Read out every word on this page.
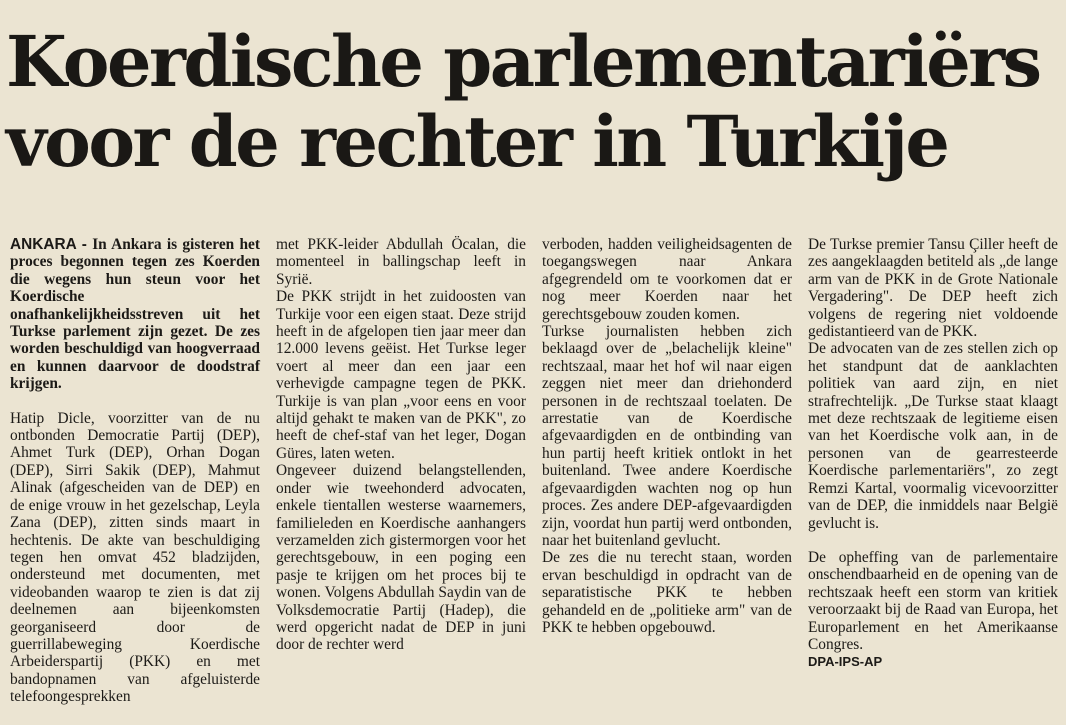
Koerdische parlementariërs
voor de rechter in Turkije

ANKARA - In Ankara is gisteren het proces begonnen tegen zes Koerden die wegens hun steun voor het Koerdische onafhankelijkheidsstreven uit het Turkse parlement zijn gezet. De zes worden beschuldigd van hoogverraad en kunnen daarvoor de doodstraf krijgen.

Hatip Dicle, voorzitter van de nu ontbonden Democratie Partij (DEP), Ahmet Turk (DEP), Orhan Dogan (DEP), Sirri Sakik (DEP), Mahmut Alinak (afgescheiden van de DEP) en de enige vrouw in het gezelschap, Leyla Zana (DEP), zitten sinds maart in hechtenis. De akte van beschuldiging tegen hen omvat 452 bladzijden, ondersteund met documenten, met videobanden waarop te zien is dat zij deelnemen aan bijeenkomsten georganiseerd door de guerrillabeweging Koerdische Arbeiderspartij (PKK) en met bandopnamen van afgeluisterde telefoongesprekken

met PKK-leider Abdullah Öcalan, die momenteel in ballingschap leeft in Syrië.

De PKK strijdt in het zuidoosten van Turkije voor een eigen staat. Deze strijd heeft in de afgelopen tien jaar meer dan 12.000 levens geëist. Het Turkse leger voert al meer dan een jaar een verhevigde campagne tegen de PKK. Turkije is van plan „voor eens en voor altijd gehakt te maken van de PKK", zo heeft de chef-staf van het leger, Dogan Güres, laten weten.

Ongeveer duizend belangstellenden, onder wie tweehonderd advocaten, enkele tientallen westerse waarnemers, familieleden en Koerdische aanhangers verzamelden zich gistermorgen voor het gerechtsgebouw, in een poging een pasje te krijgen om het proces bij te wonen. Volgens Abdullah Saydin van de Volksdemocratie Partij (Hadep), die werd opgericht nadat de DEP in juni door de rechter werd

verboden, hadden veiligheidsagenten de toegangswegen naar Ankara afgegrendeld om te voorkomen dat er nog meer Koerden naar het gerechtsgebouw zouden komen.

Turkse journalisten hebben zich beklaagd over de „belachelijk kleine" rechtszaal, maar het hof wil naar eigen zeggen niet meer dan driehonderd personen in de rechtszaal toelaten. De arrestatie van de Koerdische afgevaardigden en de ontbinding van hun partij heeft kritiek ontlokt in het buitenland. Twee andere Koerdische afgevaardigden wachten nog op hun proces. Zes andere DEP-afgevaardigden zijn, voordat hun partij werd ontbonden, naar het buitenland gevlucht.

De zes die nu terecht staan, worden ervan beschuldigd in opdracht van de separatistische PKK te hebben gehandeld en de „politieke arm" van de PKK te hebben opgebouwd.

De Turkse premier Tansu Çiller heeft de zes aangeklaagden betiteld als „de lange arm van de PKK in de Grote Nationale Vergadering". De DEP heeft zich volgens de regering niet voldoende gedistantieerd van de PKK.

De advocaten van de zes stellen zich op het standpunt dat de aanklachten politiek van aard zijn, en niet strafrechtelijk. „De Turkse staat klaagt met deze rechtszaak de legitieme eisen van het Koerdische volk aan, in de personen van de gearresteerde Koerdische parlementariërs", zo zegt Remzi Kartal, voormalig vicevoorzitter van de DEP, die inmiddels naar België gevlucht is.

De opheffing van de parlementaire onschendbaarheid en de opening van de rechtszaak heeft een storm van kritiek veroorzaakt bij de Raad van Europa, het Europarlement en het Amerikaanse Congres.

DPA-IPS-AP
